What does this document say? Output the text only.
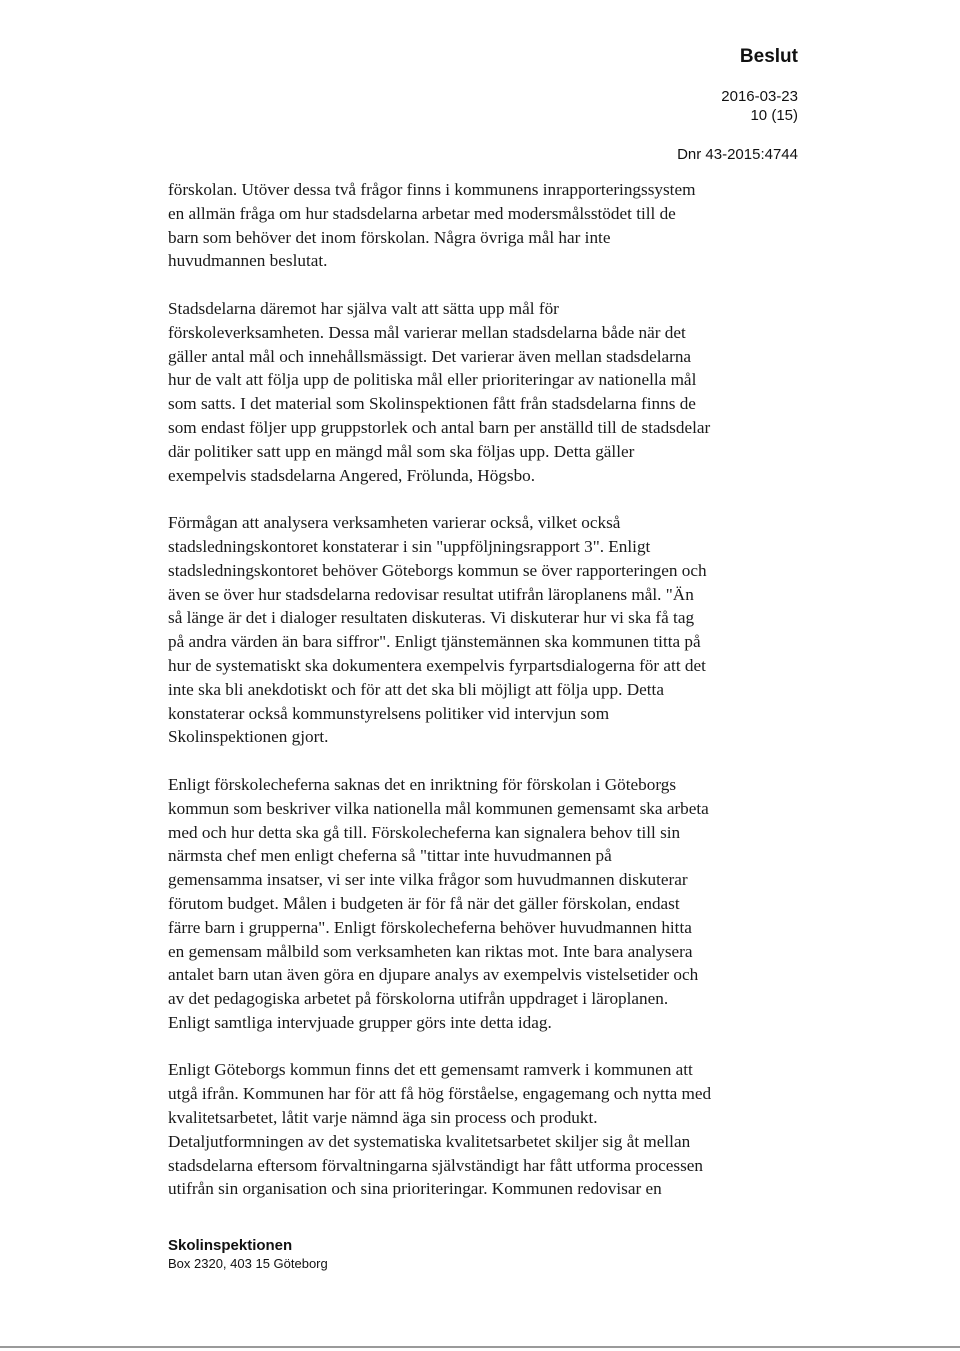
Beslut
2016-03-23
10 (15)
Dnr 43-2015:4744

förskolan. Utöver dessa två frågor finns i kommunens inrapporteringssystem
en allmän fråga om hur stadsdelarna arbetar med modersmålsstödet till de
barn som behöver det inom förskolan. Några övriga mål har inte
huvudmannen beslutat.

Stadsdelarna däremot har själva valt att sätta upp mål för
förskoleverksamheten. Dessa mål varierar mellan stadsdelarna både när det
gäller antal mål och innehållsmässigt. Det varierar även mellan stadsdelarna
hur de valt att följa upp de politiska mål eller prioriteringar av nationella mål
som satts. I det material som Skolinspektionen fått från stadsdelarna finns de
som endast följer upp gruppstorlek och antal barn per anställd till de stadsdelar
där politiker satt upp en mängd mål som ska följas upp. Detta gäller
exempelvis stadsdelarna Angered, Frölunda, Högsbo.

Förmågan att analysera verksamheten varierar också, vilket också
stadsledningskontoret konstaterar i sin "uppföljningsrapport 3". Enligt
stadsledningskontoret behöver Göteborgs kommun se över rapporteringen och
även se över hur stadsdelarna redovisar resultat utifrån läroplanens mål. "Än
så länge är det i dialoger resultaten diskuteras. Vi diskuterar hur vi ska få tag
på andra värden än bara siffror". Enligt tjänstemännen ska kommunen titta på
hur de systematiskt ska dokumentera exempelvis fyrpartsdialogerna för att det
inte ska bli anekdotiskt och för att det ska bli möjligt att följa upp. Detta
konstaterar också kommunstyrelsens politiker vid intervjun som
Skolinspektionen gjort.

Enligt förskolecheferna saknas det en inriktning för förskolan i Göteborgs
kommun som beskriver vilka nationella mål kommunen gemensamt ska arbeta
med och hur detta ska gå till. Förskolecheferna kan signalera behov till sin
närmsta chef men enligt cheferna så "tittar inte huvudmannen på
gemensamma insatser, vi ser inte vilka frågor som huvudmannen diskuterar
förutom budget. Målen i budgeten är för få när det gäller förskolan, endast
färre barn i grupperna". Enligt förskolecheferna behöver huvudmannen hitta
en gemensam målbild som verksamheten kan riktas mot. Inte bara analysera
antalet barn utan även göra en djupare analys av exempelvis vistelsetider och
av det pedagogiska arbetet på förskolorna utifrån uppdraget i läroplanen.
Enligt samtliga intervjuade grupper görs inte detta idag.

Enligt Göteborgs kommun finns det ett gemensamt ramverk i kommunen att
utgå ifrån. Kommunen har för att få hög förståelse, engagemang och nytta med
kvalitetsarbetet, låtit varje nämnd äga sin process och produkt.
Detaljutformningen av det systematiska kvalitetsarbetet skiljer sig åt mellan
stadsdelarna eftersom förvaltningarna självständigt har fått utforma processen
utifrån sin organisation och sina prioriteringar. Kommunen redovisar en

Skolinspektionen
Box 2320, 403 15 Göteborg
